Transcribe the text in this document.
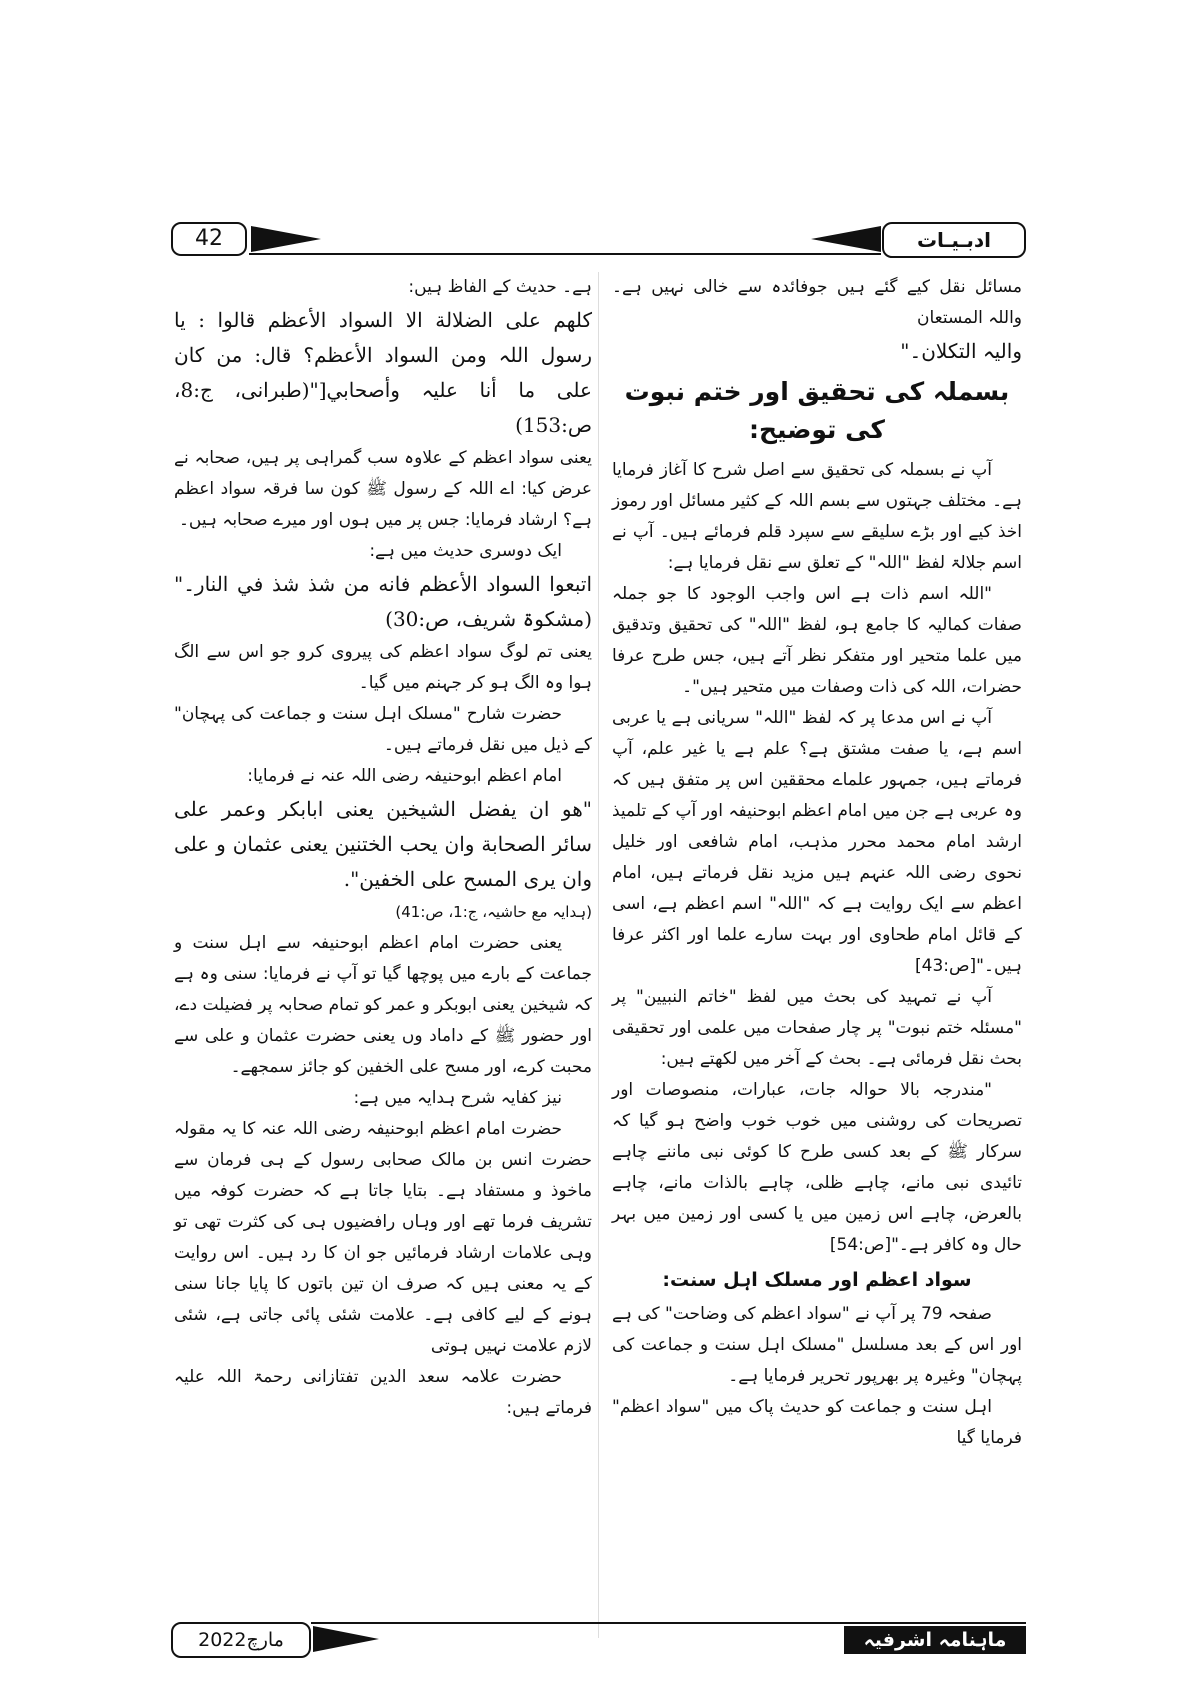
42	ادبـيـات

مسائل نقل کیے گئے ہیں جوفائدہ سے خالی نہیں ہے۔ واللہ المستعان

والیہ التکلان۔"

بسملہ کی تحقیق اور ختم نبوت کی توضیح:

آپ نے بسملہ کی تحقیق سے اصل شرح کا آغاز فرمایا ہے۔ مختلف جہتوں سے بسم اللہ کے کثیر مسائل اور رموز اخذ کیے اور بڑے سلیقے سے سپرد قلم فرمائے ہیں۔ آپ نے اسم جلالۃ لفظ "اللہ" کے تعلق سے نقل فرمایا ہے:

"اللہ اسم ذات ہے اس واجب الوجود کا جو جملہ صفات کمالیہ کا جامع ہو، لفظ "اللہ" کی تحقیق وتدقیق میں علما متحیر اور متفکر نظر آتے ہیں، جس طرح عرفا حضرات، اللہ کی ذات وصفات میں متحیر ہیں"۔

آپ نے اس مدعا پر کہ لفظ "اللہ" سریانی ہے یا عربی اسم ہے، یا صفت مشتق ہے؟ علم ہے یا غیر علم، آپ فرماتے ہیں، جمہور علماے محققین اس پر متفق ہیں کہ وہ عربی ہے جن میں امام اعظم ابوحنیفہ اور آپ کے تلمیذ ارشد امام محمد محرر مذہب، امام شافعی اور خلیل نحوی رضی اللہ عنہم ہیں مزید نقل فرماتے ہیں، امام اعظم سے ایک روایت ہے کہ "اللہ" اسم اعظم ہے، اسی کے قائل امام طحاوی اور بہت سارے علما اور اکثر عرفا ہیں۔"[ص:43]

آپ نے تمہید کی بحث میں لفظ "خاتم النبیین" پر "مسئلہ ختم نبوت" پر چار صفحات میں علمی اور تحقیقی بحث نقل فرمائی ہے۔ بحث کے آخر میں لکھتے ہیں:

"مندرجہ بالا حوالہ جات، عبارات، منصوصات اور تصریحات کی روشنی میں خوب خوب واضح ہو گیا کہ سرکار ﷺ کے بعد کسی طرح کا کوئی نبی ماننے چاہے تائیدی نبی مانے، چاہے ظلی، چاہے بالذات مانے، چاہے بالعرض، چاہے اس زمین میں یا کسی اور زمین میں بہر حال وہ کافر ہے۔"[ص:54]

سواد اعظم اور مسلک اہل سنت:

صفحہ 79 پر آپ نے "سواد اعظم کی وضاحت" کی ہے اور اس کے بعد مسلسل "مسلک اہل سنت و جماعت کی پہچان" وغیرہ پر بھرپور تحریر فرمایا ہے۔

اہل سنت و جماعت کو حدیث پاک میں "سواد اعظم" فرمایا گیا

ہے۔ حدیث کے الفاظ ہیں:

کلھم علی الضلالة الا السواد الأعظم قالوا : یا رسول اللہ ومن السواد الأعظم؟ قال: من کان علی ما أنا علیہ وأصحابي["(طبرانی، ج:8، ص:153)

یعنی سواد اعظم کے علاوہ سب گمراہی پر ہیں، صحابہ نے عرض کیا: اے اللہ کے رسول ﷺ کون سا فرقہ سواد اعظم ہے؟ ارشاد فرمایا: جس پر میں ہوں اور میرے صحابہ ہیں۔

ایک دوسری حدیث میں ہے:

اتبعوا السواد الأعظم فانه من شذ شذ في النار۔"(مشکوۃ شریف، ص:30)

یعنی تم لوگ سواد اعظم کی پیروی کرو جو اس سے الگ ہوا وہ الگ ہو کر جہنم میں گیا۔

حضرت شارح "مسلک اہل سنت و جماعت کی پہچان" کے ذیل میں نقل فرماتے ہیں۔

امام اعظم ابوحنیفہ رضی اللہ عنہ نے فرمایا:

"ھو ان یفضل الشیخین یعنی ابابکر وعمر علی سائر الصحابة وان یحب الختنین یعنی عثمان و علی وان یری المسح علی الخفین".

(ہدایہ مع حاشیہ، ج:1، ص:41)

یعنی حضرت امام اعظم ابوحنیفہ سے اہل سنت و جماعت کے بارے میں پوچھا گیا تو آپ نے فرمایا: سنی وہ ہے کہ شیخین یعنی ابوبکر و عمر کو تمام صحابہ پر فضیلت دے، اور حضور ﷺ کے داماد وں یعنی حضرت عثمان و علی سے محبت کرے، اور مسح علی الخفین کو جائز سمجھے۔

نیز کفایہ شرح ہدایہ میں ہے:

حضرت امام اعظم ابوحنیفہ رضی اللہ عنہ کا یہ مقولہ حضرت انس بن مالک صحابی رسول کے ہی فرمان سے ماخوذ و مستفاد ہے۔ بتایا جاتا ہے کہ حضرت کوفہ میں تشریف فرما تھے اور وہاں رافضیوں ہی کی کثرت تھی تو وہی علامات ارشاد فرمائیں جو ان کا رد ہیں۔ اس روایت کے یہ معنی ہیں کہ صرف ان تین باتوں کا پایا جانا سنی ہونے کے لیے کافی ہے۔ علامت شئی پائی جاتی ہے، شئی لازم علامت نہیں ہوتی

حضرت علامہ سعد الدین تفتازانی رحمۃ اللہ علیہ فرماتے ہیں:

مارچ2022	ماہنامہ اشرفیہ
